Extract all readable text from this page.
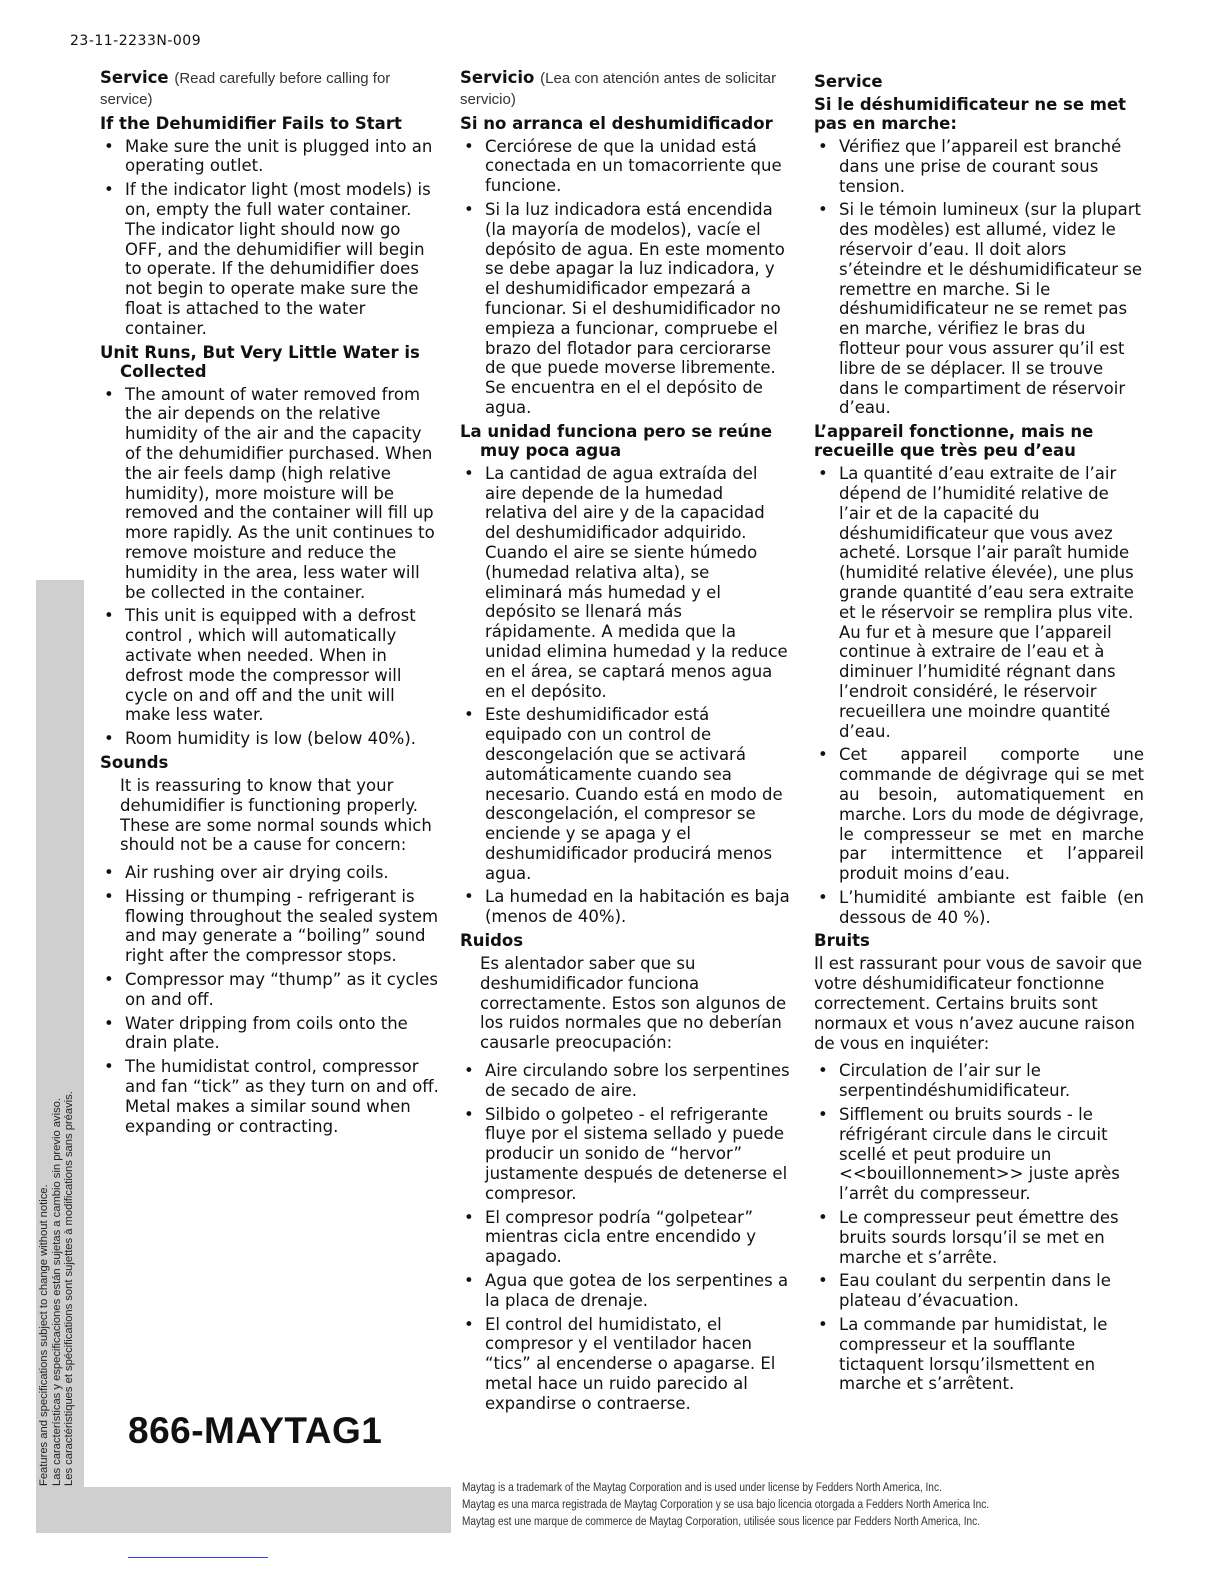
23-11-2233N-009
Features and specifications subject to change without notice. Las características y especificaciones están sujetas a cambio sin previo aviso. Les caractéristiques et spécifications sont sujettes à modifications sans préavis.
Service (Read carefully before calling for service)
If the Dehumidifier Fails to Start
• Make sure the unit is plugged into an operating outlet.
• If the indicator light (most models) is on, empty the full water container. The indicator light should now go OFF, and the dehumidifier will begin to operate. If the dehumidifier does not begin to operate make sure the float is attached to the water container.
Unit Runs, But Very Little Water is Collected
• The amount of water removed from the air depends on the relative humidity of the air and the capacity of the dehumidifier purchased. When the air feels damp (high relative humidity), more moisture will be removed and the container will fill up more rapidly. As the unit continues to remove moisture and reduce the humidity in the area, less water will be collected in the container.
• This unit is equipped with a defrost control , which will automatically activate when needed. When in defrost mode the compressor will cycle on and off and the unit will make less water.
• Room humidity is low (below 40%).
Sounds

It is reassuring to know that your dehumidifier is functioning properly. These are some normal sounds which should not be a cause for concern:

• Air rushing over air drying coils.
• Hissing or thumping - refrigerant is flowing throughout the sealed system and may generate a “boiling” sound right after the compressor stops.
• Compressor may “thump” as it cycles on and off.
• Water dripping from coils onto the drain plate.
• The humidistat control, compressor and fan “tick” as they turn on and off. Metal makes a similar sound when expanding or contracting.
Servicio (Lea con atención antes de solicitar servicio)
Si no arranca el deshumidificador
• Cerciórese de que la unidad está conectada en un tomacorriente que funcione.
• Si la luz indicadora está encendida (la mayoría de modelos), vacíe el depósito de agua. En este momento se debe apagar la luz indicadora, y el deshumidificador empezará a funcionar. Si el deshumidificador no empieza a funcionar, compruebe el brazo del flotador para cerciorarse de que puede moverse libremente. Se encuentra en el el depósito de agua.
La unidad funciona pero se reúne muy poca agua
• La cantidad de agua extraída del aire depende de la humedad relativa del aire y de la capacidad del deshumidificador adquirido. Cuando el aire se siente húmedo (humedad relativa alta), se eliminará más humedad y el depósito se llenará más rápidamente. A medida que la unidad elimina humedad y la reduce en el área, se captará menos agua en el depósito.
• Este deshumidificador está equipado con un control de descongelación que se activará automáticamente cuando sea necesario. Cuando está en modo de descongelación, el compresor se enciende y se apaga y el deshumidificador producirá menos agua.
• La humedad en la habitación es baja (menos de 40%).
Ruidos

Es alentador saber que su deshumidificador funciona correctamente. Estos son algunos de los ruidos normales que no deberían causarle preocupación:

• Aire circulando sobre los serpentines de secado de aire.
• Silbido o golpeteo - el refrigerante fluye por el sistema sellado y puede producir un sonido de “hervor” justamente después de detenerse el compresor.
• El compresor podría “golpetear” mientras cicla entre encendido y apagado.
• Agua que gotea de los serpentines a la placa de drenaje.
• El control del humidistato, el compresor y el ventilador hacen “tics” al encenderse o apagarse. El metal hace un ruido parecido al expandirse o contraerse.
Service
Si le déshumidificateur ne se met pas en marche:
• Vérifiez que l’appareil est branché dans une prise de courant sous tension.
• Si le témoin lumineux (sur la plupart des modèles) est allumé, videz le réservoir d’eau. Il doit alors s’éteindre et le déshumidificateur se remettre en marche. Si le déshumidificateur ne se remet pas en marche, vérifiez le bras du flotteur pour vous assurer qu’il est libre de se déplacer. Il se trouve dans le compartiment de réservoir d’eau.
L’appareil fonctionne, mais ne recueille que très peu d’eau
• La quantité d’eau extraite de l’air dépend de l’humidité relative de l’air et de la capacité du déshumidificateur que vous avez acheté. Lorsque l’air paraît humide (humidité relative élevée), une plus grande quantité d’eau sera extraite et le réservoir se remplira plus vite. Au fur et à mesure que l’appareil continue à extraire de l’eau et à diminuer l’humidité régnant dans l’endroit considéré, le réservoir recueillera une moindre quantité d’eau.
• Cet appareil comporte une commande de dégivrage qui se met au besoin, automatiquement en marche. Lors du mode de dégivrage, le compresseur se met en marche par intermittence et l’appareil produit moins d’eau.
• L’humidité ambiante est faible (en dessous de 40 %).
Bruits

Il est rassurant pour vous de savoir que votre déshumidificateur fonctionne correctement. Certains bruits sont normaux et vous n’avez aucune raison de vous en inquiéter:

• Circulation de l’air sur le serpentindéshumidificateur.
• Sifflement ou bruits sourds - le réfrigérant circule dans le circuit scellé et peut produire un <<bouillonnement>> juste après l’arrêt du compresseur.
• Le compresseur peut émettre des bruits sourds lorsqu’il se met en marche et s’arrête.
• Eau coulant du serpentin dans le plateau d’évacuation.
• La commande par humidistat, le compresseur et la soufflante tictaquent lorsqu’ilsmettent en marche et s’arrêtent.
866-MAYTAG1
Maytag is a trademark of the Maytag Corporation and is used under license by Fedders North America, Inc.
Maytag es una marca registrada de Maytag Corporation y se usa bajo licencia otorgada a Fedders North America Inc.
Maytag est une marque de commerce de Maytag Corporation, utilisée sous licence par Fedders North America, Inc.
